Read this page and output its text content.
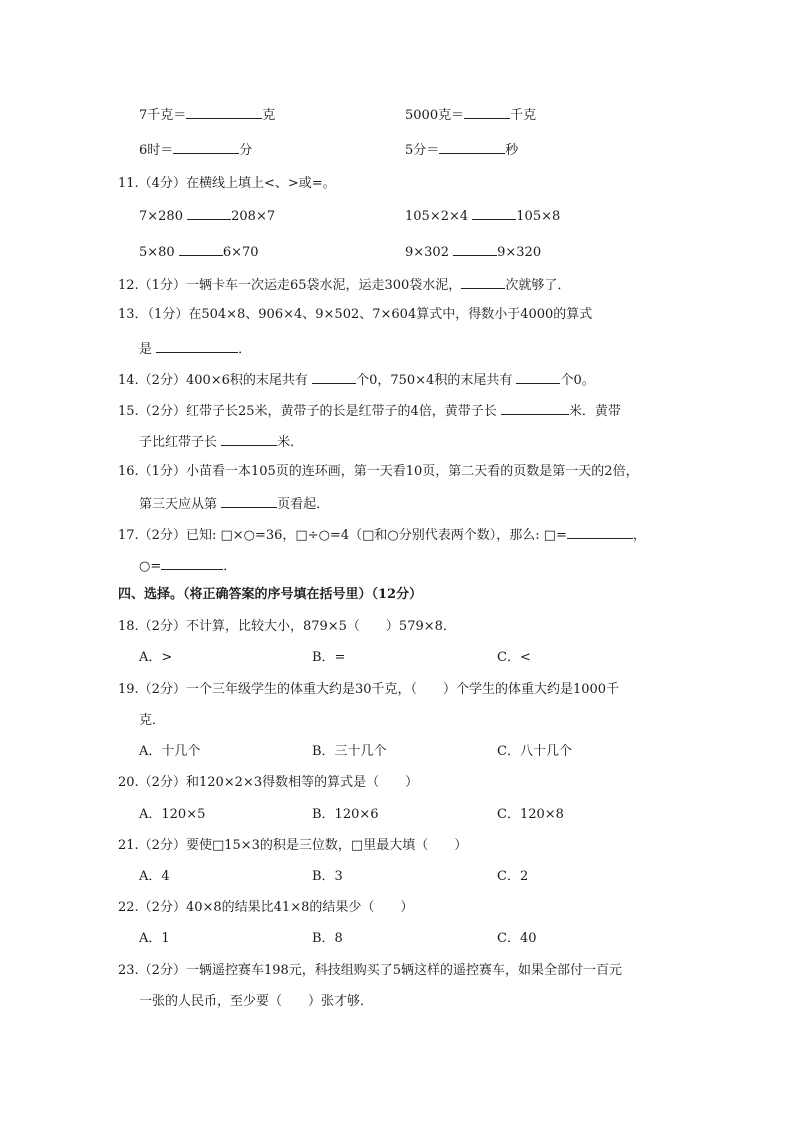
7千克＝	克	5000克＝	千克
6时＝	分	5分＝	秒
11.（4分）在横线上填上<、>或=。
7×280	208×7	105×2×4	105×8
5×80	6×70	9×302	9×320
12.（1分）一辆卡车一次运走65袋水泥，运走300袋水泥，	次就够了．
13．（1分）在504×8、906×4、9×502、7×604算式中，得数小于4000的算式
是	．
14.（2分）400×6积的末尾共有	个0，750×4积的末尾共有	个0。
15.（2分）红带子长25米，黄带子的长是红带子的4倍，黄带子长	米．黄带
子比红带子长	米．
16.（1分）小苗看一本105页的连环画，第一天看10页，第二天看的页数是第一天的2倍，
第三天应从第	页看起．
17.（2分）已知: □×○=36，□÷○=4（□和○分别代表两个数），那么: □=	，
○=	．
四、选择。（将正确答案的序号填在括号里）（12分）
18.（2分）不计算，比较大小，879×5（　　）579×8．
A．>	B．=	C．<
19.（2分）一个三年级学生的体重大约是30千克，（　　）个学生的体重大约是1000千
克．
A．十几个	B．三十几个	C．八十几个
20.（2分）和120×2×3得数相等的算式是（　　）
A．120×5	B．120×6	C．120×8
21.（2分）要使□15×3的积是三位数，□里最大填（　　）
A．4	B．3	C．2
22.（2分）40×8的结果比41×8的结果少（　　）
A．1	B．8	C．40
23.（2分）一辆遥控赛车198元，科技组购买了5辆这样的遥控赛车，如果全部付一百元
一张的人民币，至少要（　　）张才够．
